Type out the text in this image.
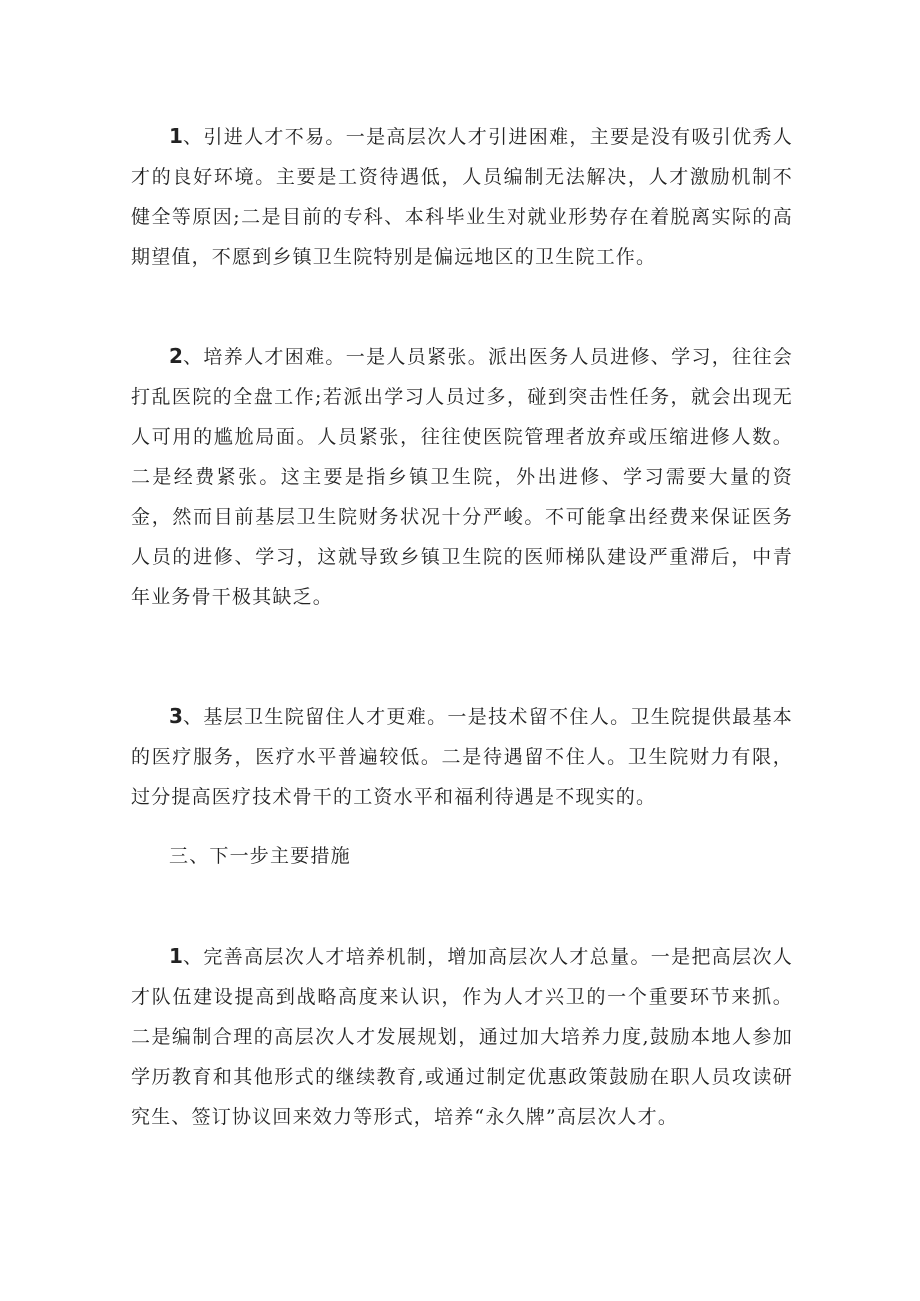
1、引进人才不易。一是高层次人才引进困难，主要是没有吸引优秀人才的良好环境。主要是工资待遇低，人员编制无法解决，人才激励机制不健全等原因;二是目前的专科、本科毕业生对就业形势存在着脱离实际的高期望值，不愿到乡镇卫生院特别是偏远地区的卫生院工作。

2、培养人才困难。一是人员紧张。派出医务人员进修、学习，往往会打乱医院的全盘工作;若派出学习人员过多，碰到突击性任务，就会出现无人可用的尴尬局面。人员紧张，往往使医院管理者放弃或压缩进修人数。二是经费紧张。这主要是指乡镇卫生院，外出进修、学习需要大量的资金，然而目前基层卫生院财务状况十分严峻。不可能拿出经费来保证医务人员的进修、学习，这就导致乡镇卫生院的医师梯队建设严重滞后，中青年业务骨干极其缺乏。

3、基层卫生院留住人才更难。一是技术留不住人。卫生院提供最基本的医疗服务，医疗水平普遍较低。二是待遇留不住人。卫生院财力有限，过分提高医疗技术骨干的工资水平和福利待遇是不现实的。

三、下一步主要措施

1、完善高层次人才培养机制，增加高层次人才总量。一是把高层次人才队伍建设提高到战略高度来认识，作为人才兴卫的一个重要环节来抓。二是编制合理的高层次人才发展规划，通过加大培养力度,鼓励本地人参加学历教育和其他形式的继续教育,或通过制定优惠政策鼓励在职人员攻读研究生、签订协议回来效力等形式，培养“永久牌”高层次人才。
